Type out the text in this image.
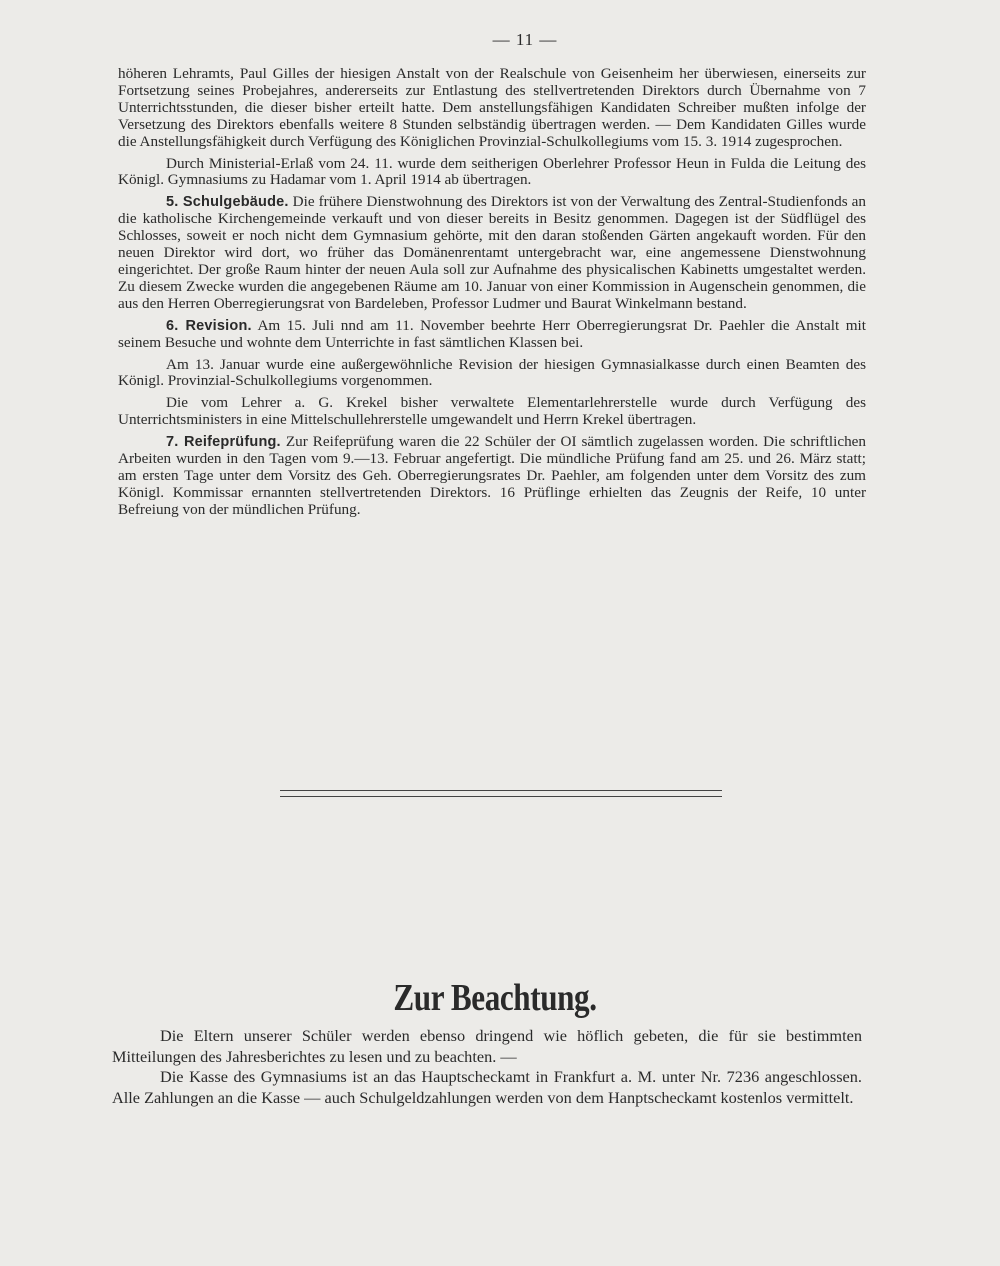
— 11 —

höheren Lehramts, Paul Gilles der hiesigen Anstalt von der Realschule von Geisenheim her überwiesen, einerseits zur Fortsetzung seines Probejahres, andererseits zur Entlastung des stellvertretenden Direktors durch Übernahme von 7 Unterrichtsstunden, die dieser bisher erteilt hatte. Dem anstellungsfähigen Kandidaten Schreiber mußten infolge der Versetzung des Direktors ebenfalls weitere 8 Stunden selbständig übertragen werden. — Dem Kandidaten Gilles wurde die Anstellungsfähigkeit durch Verfügung des Königlichen Provinzial-Schulkollegiums vom 15. 3. 1914 zugesprochen.

Durch Ministerial-Erlaß vom 24. 11. wurde dem seitherigen Oberlehrer Professor Heun in Fulda die Leitung des Königl. Gymnasiums zu Hadamar vom 1. April 1914 ab übertragen.

5. Schulgebäude. Die frühere Dienstwohnung des Direktors ist von der Verwaltung des Zentral-Studienfonds an die katholische Kirchengemeinde verkauft und von dieser bereits in Besitz genommen. Dagegen ist der Südflügel des Schlosses, soweit er noch nicht dem Gymnasium gehörte, mit den daran stoßenden Gärten angekauft worden. Für den neuen Direktor wird dort, wo früher das Domänenrentamt untergebracht war, eine angemessene Dienstwohnung eingerichtet. Der große Raum hinter der neuen Aula soll zur Aufnahme des physicalischen Kabinetts umgestaltet werden. Zu diesem Zwecke wurden die angegebenen Räume am 10. Januar von einer Kommission in Augenschein genommen, die aus den Herren Oberregierungsrat von Bardeleben, Professor Ludmer und Baurat Winkelmann bestand.

6. Revision. Am 15. Juli nnd am 11. November beehrte Herr Oberregierungsrat Dr. Paehler die Anstalt mit seinem Besuche und wohnte dem Unterrichte in fast sämtlichen Klassen bei.

Am 13. Januar wurde eine außergewöhnliche Revision der hiesigen Gymnasialkasse durch einen Beamten des Königl. Provinzial-Schulkollegiums vorgenommen.

Die vom Lehrer a. G. Krekel bisher verwaltete Elementarlehrerstelle wurde durch Verfügung des Unterrichtsministers in eine Mittelschullehrerstelle umgewandelt und Herrn Krekel übertragen.

7. Reifeprüfung. Zur Reifeprüfung waren die 22 Schüler der OI sämtlich zugelassen worden. Die schriftlichen Arbeiten wurden in den Tagen vom 9.—13. Februar angefertigt. Die mündliche Prüfung fand am 25. und 26. März statt; am ersten Tage unter dem Vorsitz des Geh. Oberregierungsrates Dr. Paehler, am folgenden unter dem Vorsitz des zum Königl. Kommissar ernannten stellvertretenden Direktors. 16 Prüflinge erhielten das Zeugnis der Reife, 10 unter Befreiung von der mündlichen Prüfung.

Zur Beachtung.

Die Eltern unserer Schüler werden ebenso dringend wie höflich gebeten, die für sie bestimmten Mitteilungen des Jahresberichtes zu lesen und zu beachten. —

Die Kasse des Gymnasiums ist an das Hauptscheckamt in Frankfurt a. M. unter Nr. 7236 angeschlossen. Alle Zahlungen an die Kasse — auch Schulgeldzahlungen werden von dem Hanptscheckamt kostenlos vermittelt.
